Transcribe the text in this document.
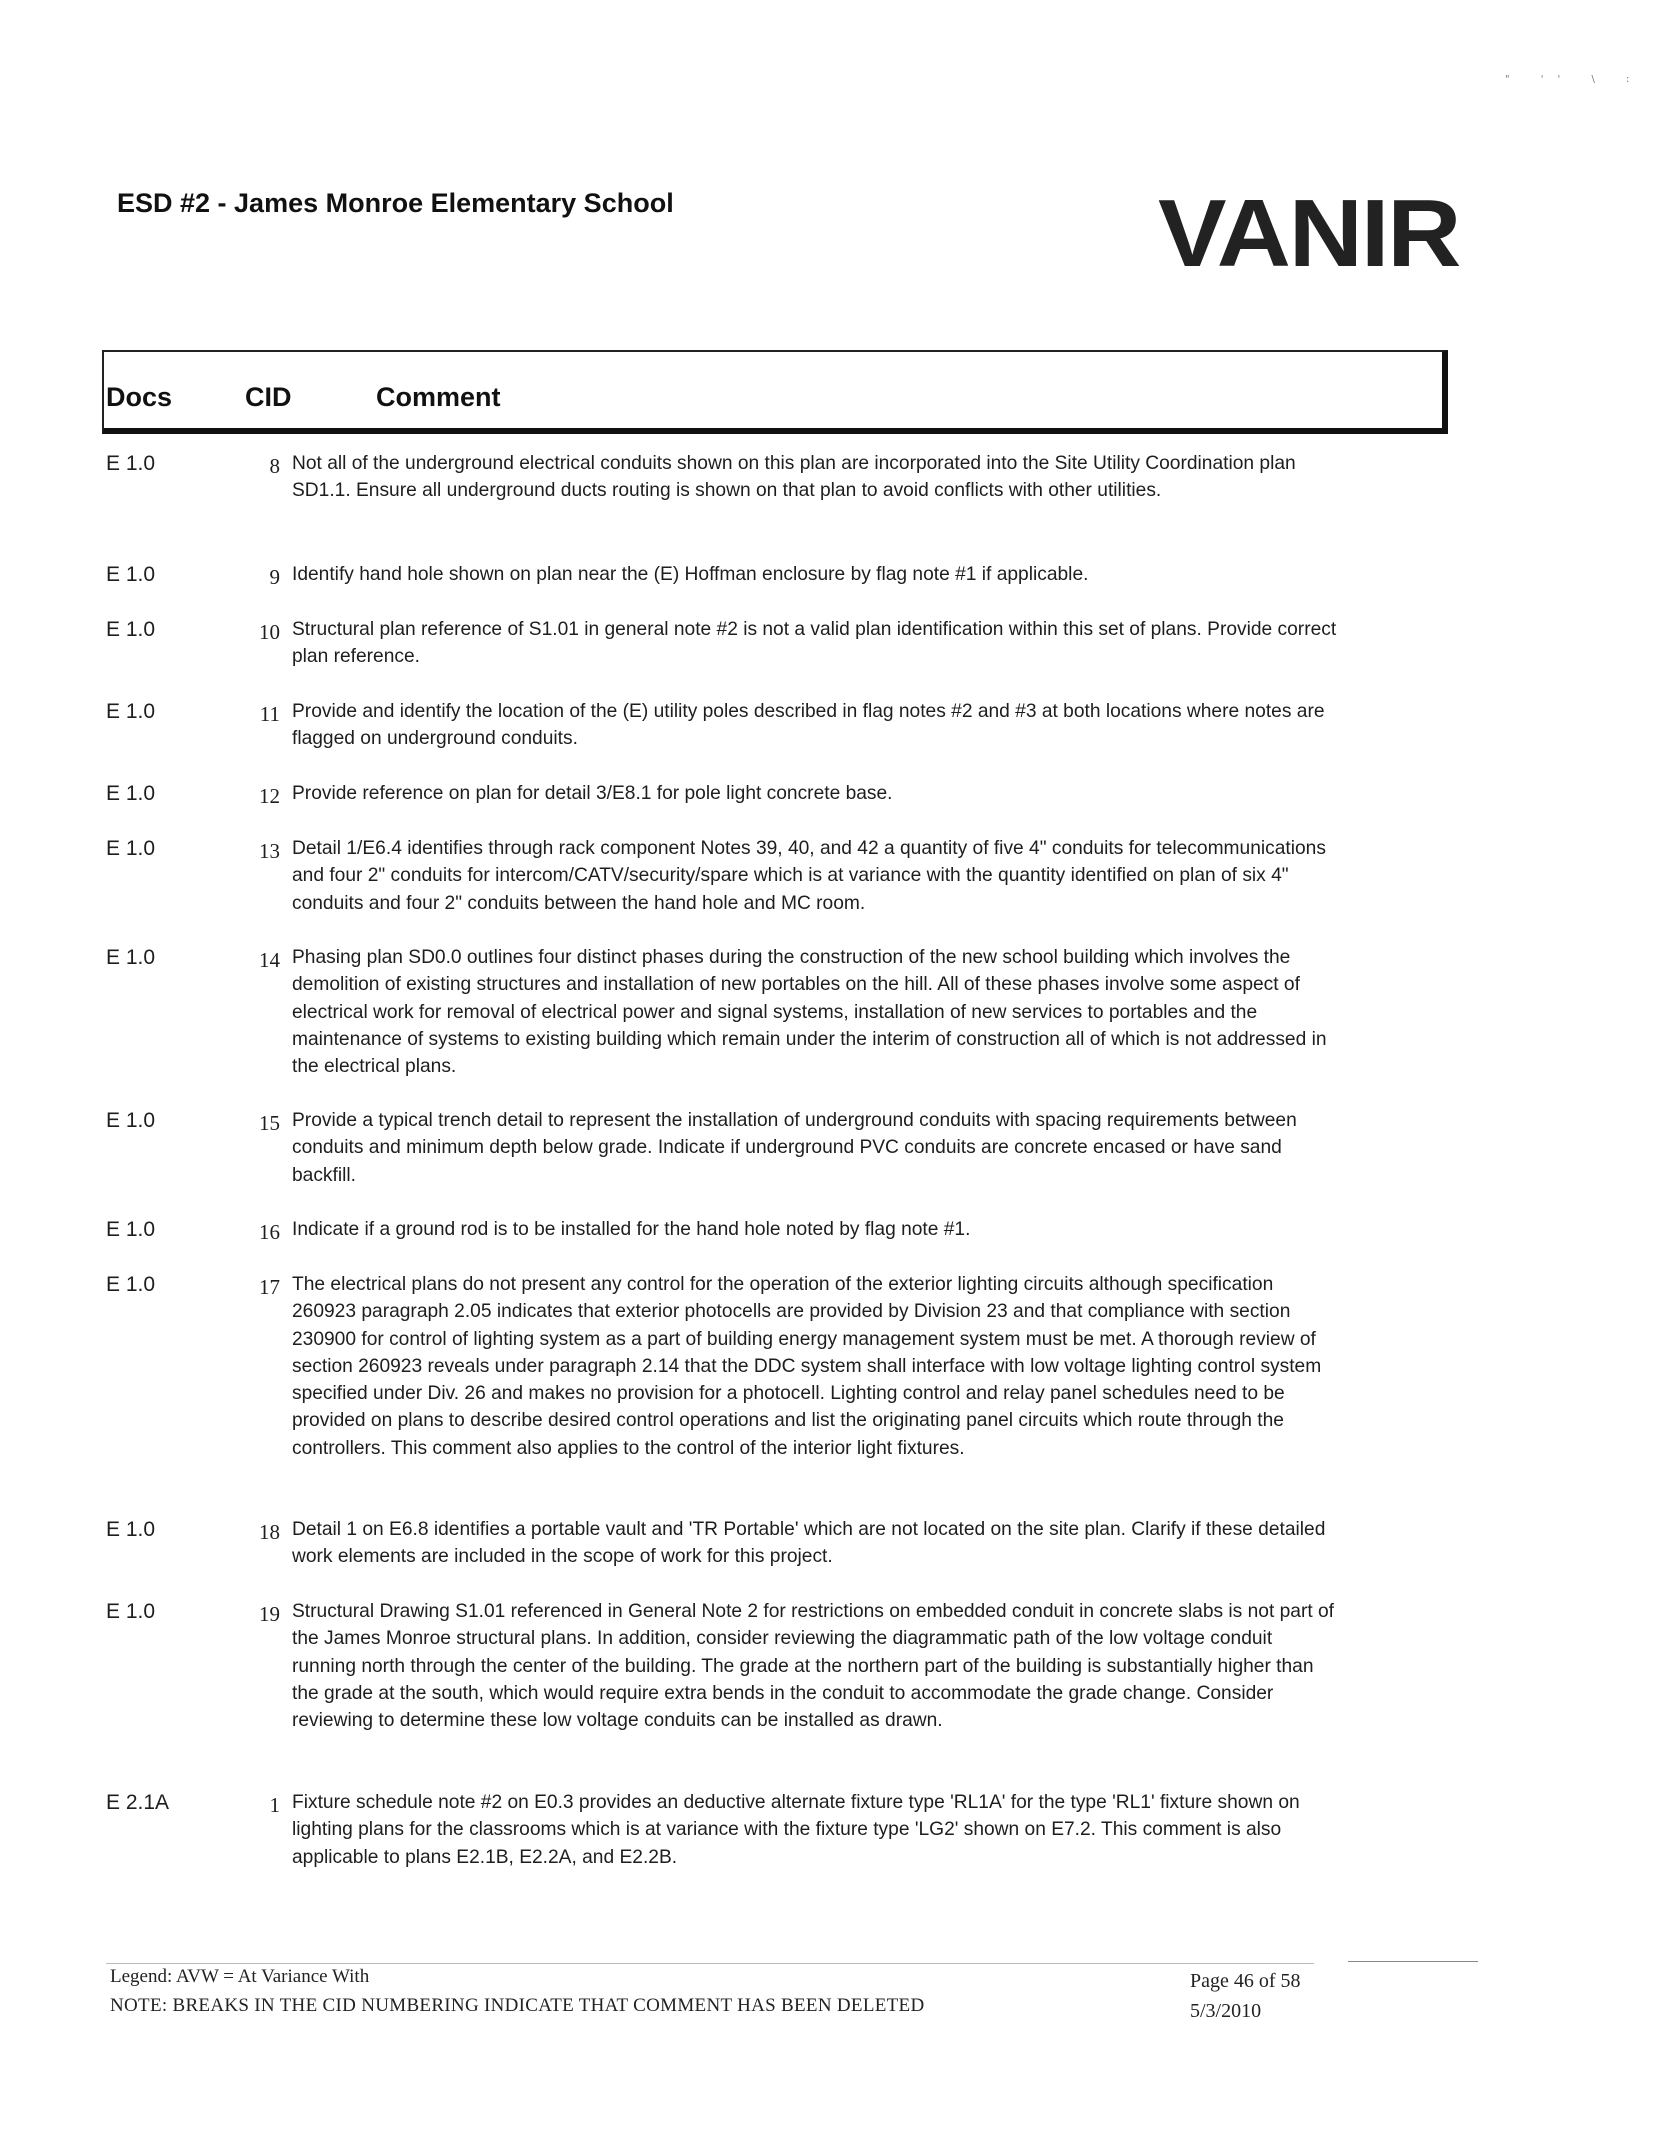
" '' \ :
ESD #2 - James Monroe Elementary School	VANIR
Docs	CID	Comment
E 1.0	8 Not all of the underground electrical conduits shown on this plan are incorporated into the Site Utility Coordination plan SD1.1. Ensure all underground ducts routing is shown on that plan to avoid conflicts with other utilities.
E 1.0	9 Identify hand hole shown on plan near the (E) Hoffman enclosure by flag note #1 if applicable.
E 1.0	10 Structural plan reference of S1.01 in general note #2 is not a valid plan identification within this set of plans. Provide correct plan reference.
E 1.0	11 Provide and identify the location of the (E) utility poles described in flag notes #2 and #3 at both locations where notes are flagged on underground conduits.
E 1.0	12 Provide reference on plan for detail 3/E8.1 for pole light concrete base.
E 1.0	13 Detail 1/E6.4 identifies through rack component Notes 39, 40, and 42 a quantity of five 4" conduits for telecommunications and four 2" conduits for intercom/CATV/security/spare which is at variance with the quantity identified on plan of six 4" conduits and four 2" conduits between the hand hole and MC room.
E 1.0	14 Phasing plan SD0.0 outlines four distinct phases during the construction of the new school building which involves the demolition of existing structures and installation of new portables on the hill. All of these phases involve some aspect of electrical work for removal of electrical power and signal systems, installation of new services to portables and the maintenance of systems to existing building which remain under the interim of construction all of which is not addressed in the electrical plans.
E 1.0	15 Provide a typical trench detail to represent the installation of underground conduits with spacing requirements between conduits and minimum depth below grade. Indicate if underground PVC conduits are concrete encased or have sand backfill.
E 1.0	16 Indicate if a ground rod is to be installed for the hand hole noted by flag note #1.
E 1.0	17 The electrical plans do not present any control for the operation of the exterior lighting circuits although specification 260923 paragraph 2.05 indicates that exterior photocells are provided by Division 23 and that compliance with section 230900 for control of lighting system as a part of building energy management system must be met. A thorough review of section 260923 reveals under paragraph 2.14 that the DDC system shall interface with low voltage lighting control system specified under Div. 26 and makes no provision for a photocell. Lighting control and relay panel schedules need to be provided on plans to describe desired control operations and list the originating panel circuits which route through the controllers. This comment also applies to the control of the interior light fixtures.
E 1.0	18 Detail 1 on E6.8 identifies a portable vault and 'TR Portable' which are not located on the site plan. Clarify if these detailed work elements are included in the scope of work for this project.
E 1.0	19 Structural Drawing S1.01 referenced in General Note 2 for restrictions on embedded conduit in concrete slabs is not part of the James Monroe structural plans. In addition, consider reviewing the diagrammatic path of the low voltage conduit running north through the center of the building. The grade at the northern part of the building is substantially higher than the grade at the south, which would require extra bends in the conduit to accommodate the grade change. Consider reviewing to determine these low voltage conduits can be installed as drawn.
E 2.1A	1 Fixture schedule note #2 on E0.3 provides an deductive alternate fixture type 'RL1A' for the type 'RL1' fixture shown on lighting plans for the classrooms which is at variance with the fixture type 'LG2' shown on E7.2. This comment is also applicable to plans E2.1B, E2.2A, and E2.2B.
Legend: AVW = At Variance With
NOTE: BREAKS IN THE CID NUMBERING INDICATE THAT COMMENT HAS BEEN DELETED
Page 46 of 58
5/3/2010
